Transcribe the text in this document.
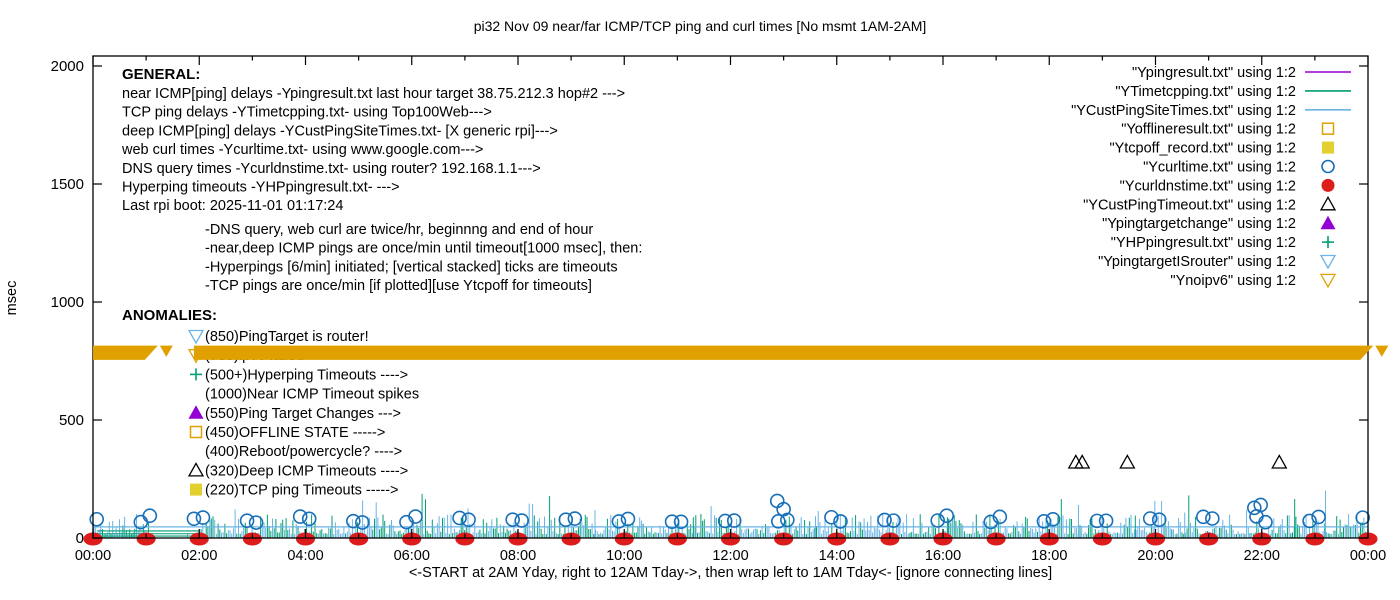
pi32 Nov 09 near/far ICMP/TCP ping and curl times [No msmt 1AM-2AM]
msec
00:00	02:00	04:00	06:00	08:00	10:00	12:00	14:00	16:00	18:00	20:00	22:00	00:00
0
500
1000
1500
2000	GENERAL:
near ICMP[ping] delays -Ypingresult.txt last hour target 38.75.212.3 hop#2 --->
TCP ping delays -YTimetcpping.txt- using Top100Web--->
deep ICMP[ping] delays -YCustPingSiteTimes.txt- [X generic rpi]--->
web curl times -Ycurltime.txt- using www.google.com--->
DNS query times -Ycurldnstime.txt- using router? 192.168.1.1--->
Hyperping timeouts -YHPpingresult.txt- --->
Last rpi boot: 2025-11-01 01:17:24
-DNS query, web curl are twice/hr, beginnng and end of hour
-near,deep ICMP pings are once/min until timeout[1000 msec], then:
-Hyperpings [6/min] initiated; [vertical stacked] ticks are timeouts
-TCP pings are once/min [if plotted][use Ytcpoff for timeouts]
ANOMALIES:
(850)PingTarget is router!
(500+)Hyperping Timeouts ---->
(1000)Near ICMP Timeout spikes
(550)Ping Target Changes --->
(450)OFFLINE STATE ----->
(400)Reboot/powercycle? ---->
(320)Deep ICMP Timeouts ---->
(220)TCP ping Timeouts ----->
"Ypingresult.txt" using 1:2
"YTimetcpping.txt" using 1:2
"YCustPingSiteTimes.txt" using 1:2
"Yofflineresult.txt" using 1:2
"Ytcpoff_record.txt" using 1:2
"Ycurltime.txt" using 1:2
"Ycurldnstime.txt" using 1:2
"YCustPingTimeout.txt" using 1:2
"Ypingtargetchange" using 1:2
"YHPpingresult.txt" using 1:2
"YpingtargetISrouter" using 1:2
"Ynoipv6" using 1:2
<-START at 2AM Yday, right to 12AM Tday->, then wrap left to 1AM Tday<- [ignore connecting lines]
